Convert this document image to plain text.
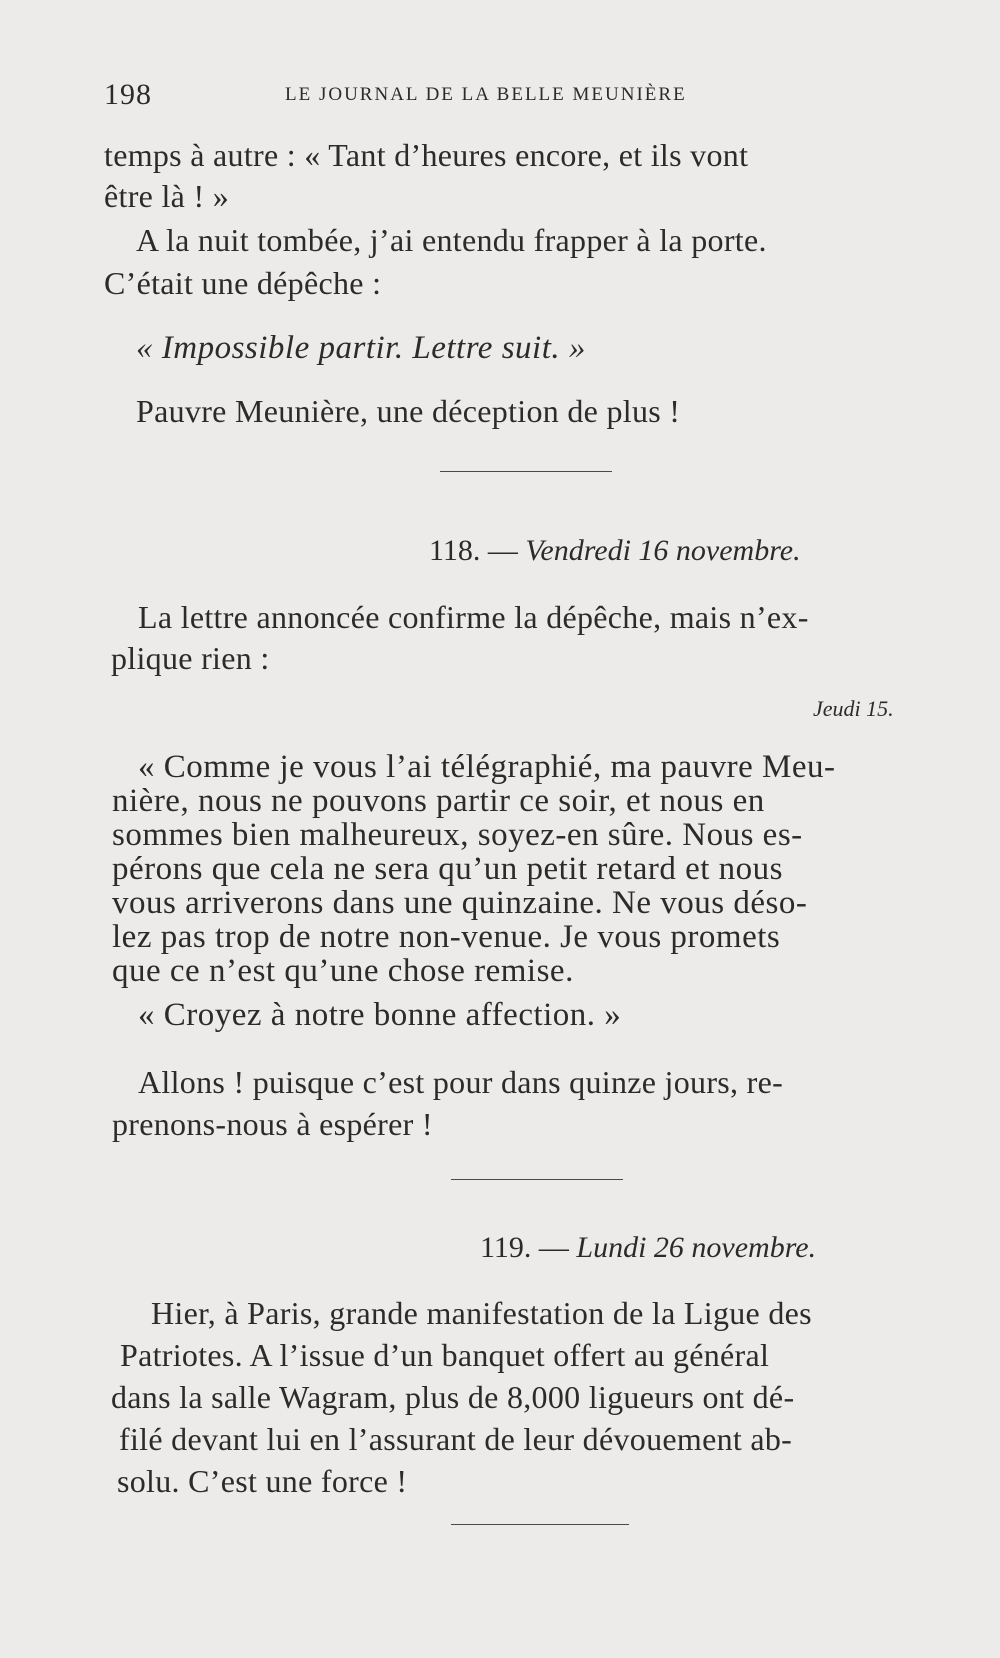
198	LE JOURNAL DE LA BELLE MEUNIÈRE
temps à autre : « Tant d’heures encore, et ils vont
être là ! »
A la nuit tombée, j’ai entendu frapper à la porte.
C’était une dépêche :
« Impossible partir. Lettre suit. »
Pauvre Meunière, une déception de plus !
118. — Vendredi 16 novembre.
La lettre annoncée confirme la dépêche, mais n’ex-
plique rien :
Jeudi 15.
« Comme je vous l’ai télégraphié, ma pauvre Meu-
nière, nous ne pouvons partir ce soir, et nous en
sommes bien malheureux, soyez-en sûre. Nous es-
pérons que cela ne sera qu’un petit retard et nous
vous arriverons dans une quinzaine. Ne vous déso-
lez pas trop de notre non-venue. Je vous promets
que ce n’est qu’une chose remise.
« Croyez à notre bonne affection. »
Allons ! puisque c’est pour dans quinze jours, re-
prenons-nous à espérer !
119. — Lundi 26 novembre.
Hier, à Paris, grande manifestation de la Ligue des
Patriotes. A l’issue d’un banquet offert au général
dans la salle Wagram, plus de 8,000 ligueurs ont dé-
filé devant lui en l’assurant de leur dévouement ab-
solu. C’est une force !
